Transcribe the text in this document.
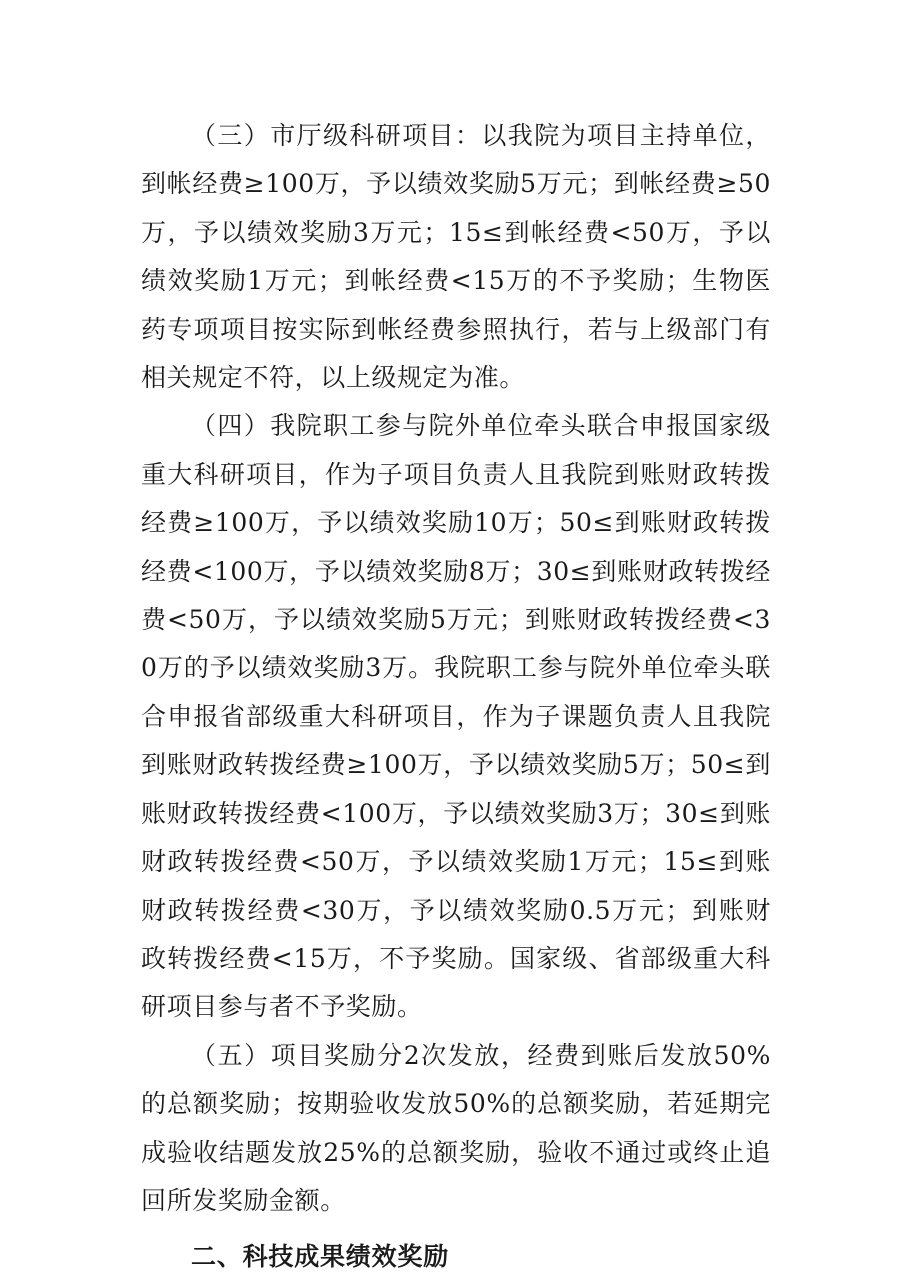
（三）市厅级科研项目：以我院为项目主持单位，到帐经费≥100万，予以绩效奖励5万元；到帐经费≥50万，予以绩效奖励3万元；15≤到帐经费<50万，予以绩效奖励1万元；到帐经费<15万的不予奖励；生物医药专项项目按实际到帐经费参照执行，若与上级部门有相关规定不符，以上级规定为准。

（四）我院职工参与院外单位牵头联合申报国家级重大科研项目，作为子项目负责人且我院到账财政转拨经费≥100万，予以绩效奖励10万；50≤到账财政转拨经费<100万，予以绩效奖励8万；30≤到账财政转拨经费<50万，予以绩效奖励5万元；到账财政转拨经费<30万的予以绩效奖励3万。我院职工参与院外单位牵头联合申报省部级重大科研项目，作为子课题负责人且我院到账财政转拨经费≥100万，予以绩效奖励5万；50≤到账财政转拨经费<100万，予以绩效奖励3万；30≤到账财政转拨经费<50万，予以绩效奖励1万元；15≤到账财政转拨经费<30万，予以绩效奖励0.5万元；到账财政转拨经费<15万，不予奖励。国家级、省部级重大科研项目参与者不予奖励。

（五）项目奖励分2次发放，经费到账后发放50%的总额奖励；按期验收发放50%的总额奖励，若延期完成验收结题发放25%的总额奖励，验收不通过或终止追回所发奖励金额。

二、科技成果绩效奖励
